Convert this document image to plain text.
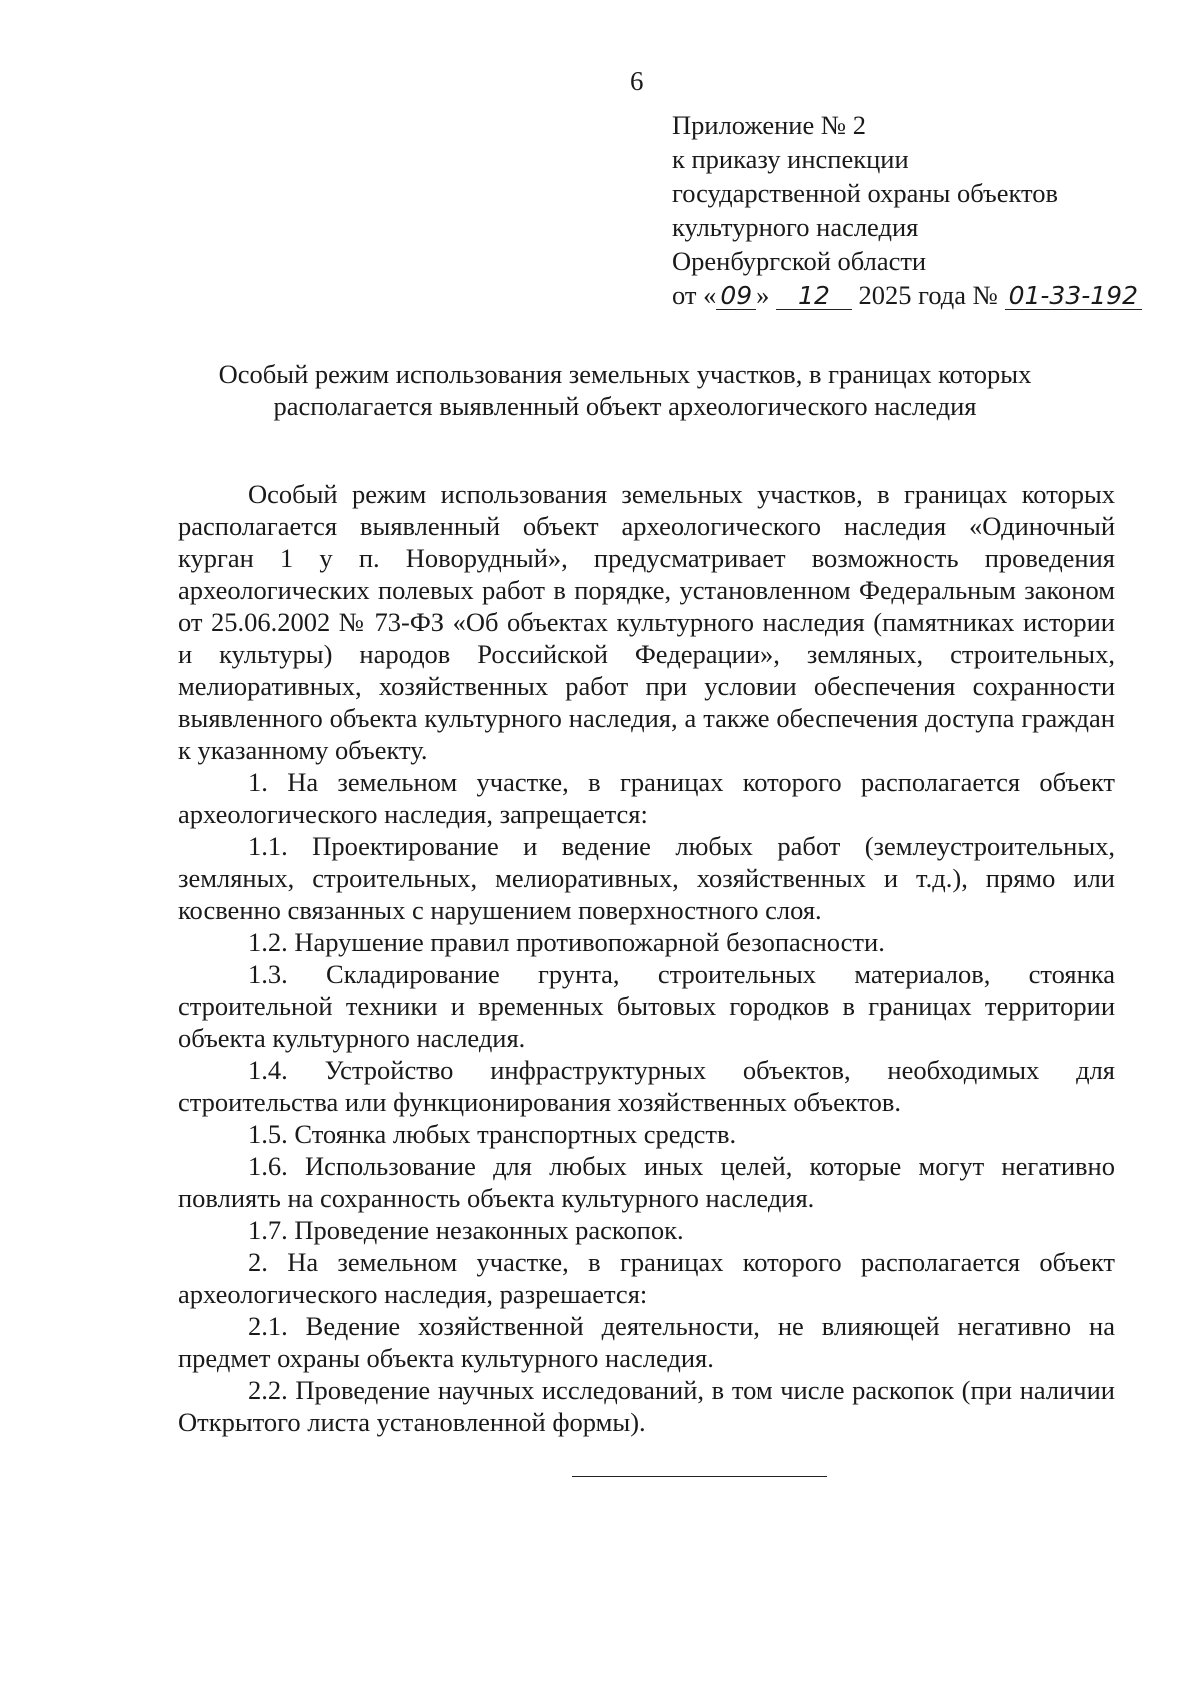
6
Приложение № 2
к приказу инспекции
государственной охраны объектов
культурного наследия
Оренбургской области
от « 09 » 12 2025 года № 01-33-192
Особый режим использования земельных участков, в границах которых
располагается выявленный объект археологического наследия

Особый режим использования земельных участков, в границах которых располагается выявленный объект археологического наследия «Одиночный курган 1 у п. Новорудный», предусматривает возможность проведения археологических полевых работ в порядке, установленном Федеральным законом от 25.06.2002 № 73-ФЗ «Об объектах культурного наследия (памятниках истории и культуры) народов Российской Федерации», земляных, строительных, мелиоративных, хозяйственных работ при условии обеспечения сохранности выявленного объекта культурного наследия, а также обеспечения доступа граждан к указанному объекту.

1. На земельном участке, в границах которого располагается объект археологического наследия, запрещается:

1.1. Проектирование и ведение любых работ (землеустроительных, земляных, строительных, мелиоративных, хозяйственных и т.д.), прямо или косвенно связанных с нарушением поверхностного слоя.

1.2. Нарушение правил противопожарной безопасности.

1.3. Складирование грунта, строительных материалов, стоянка строительной техники и временных бытовых городков в границах территории объекта культурного наследия.

1.4. Устройство инфраструктурных объектов, необходимых для строительства или функционирования хозяйственных объектов.

1.5. Стоянка любых транспортных средств.

1.6. Использование для любых иных целей, которые могут негативно повлиять на сохранность объекта культурного наследия.

1.7. Проведение незаконных раскопок.

2. На земельном участке, в границах которого располагается объект археологического наследия, разрешается:

2.1. Ведение хозяйственной деятельности, не влияющей негативно на предмет охраны объекта культурного наследия.

2.2. Проведение научных исследований, в том числе раскопок (при наличии Открытого листа установленной формы).
